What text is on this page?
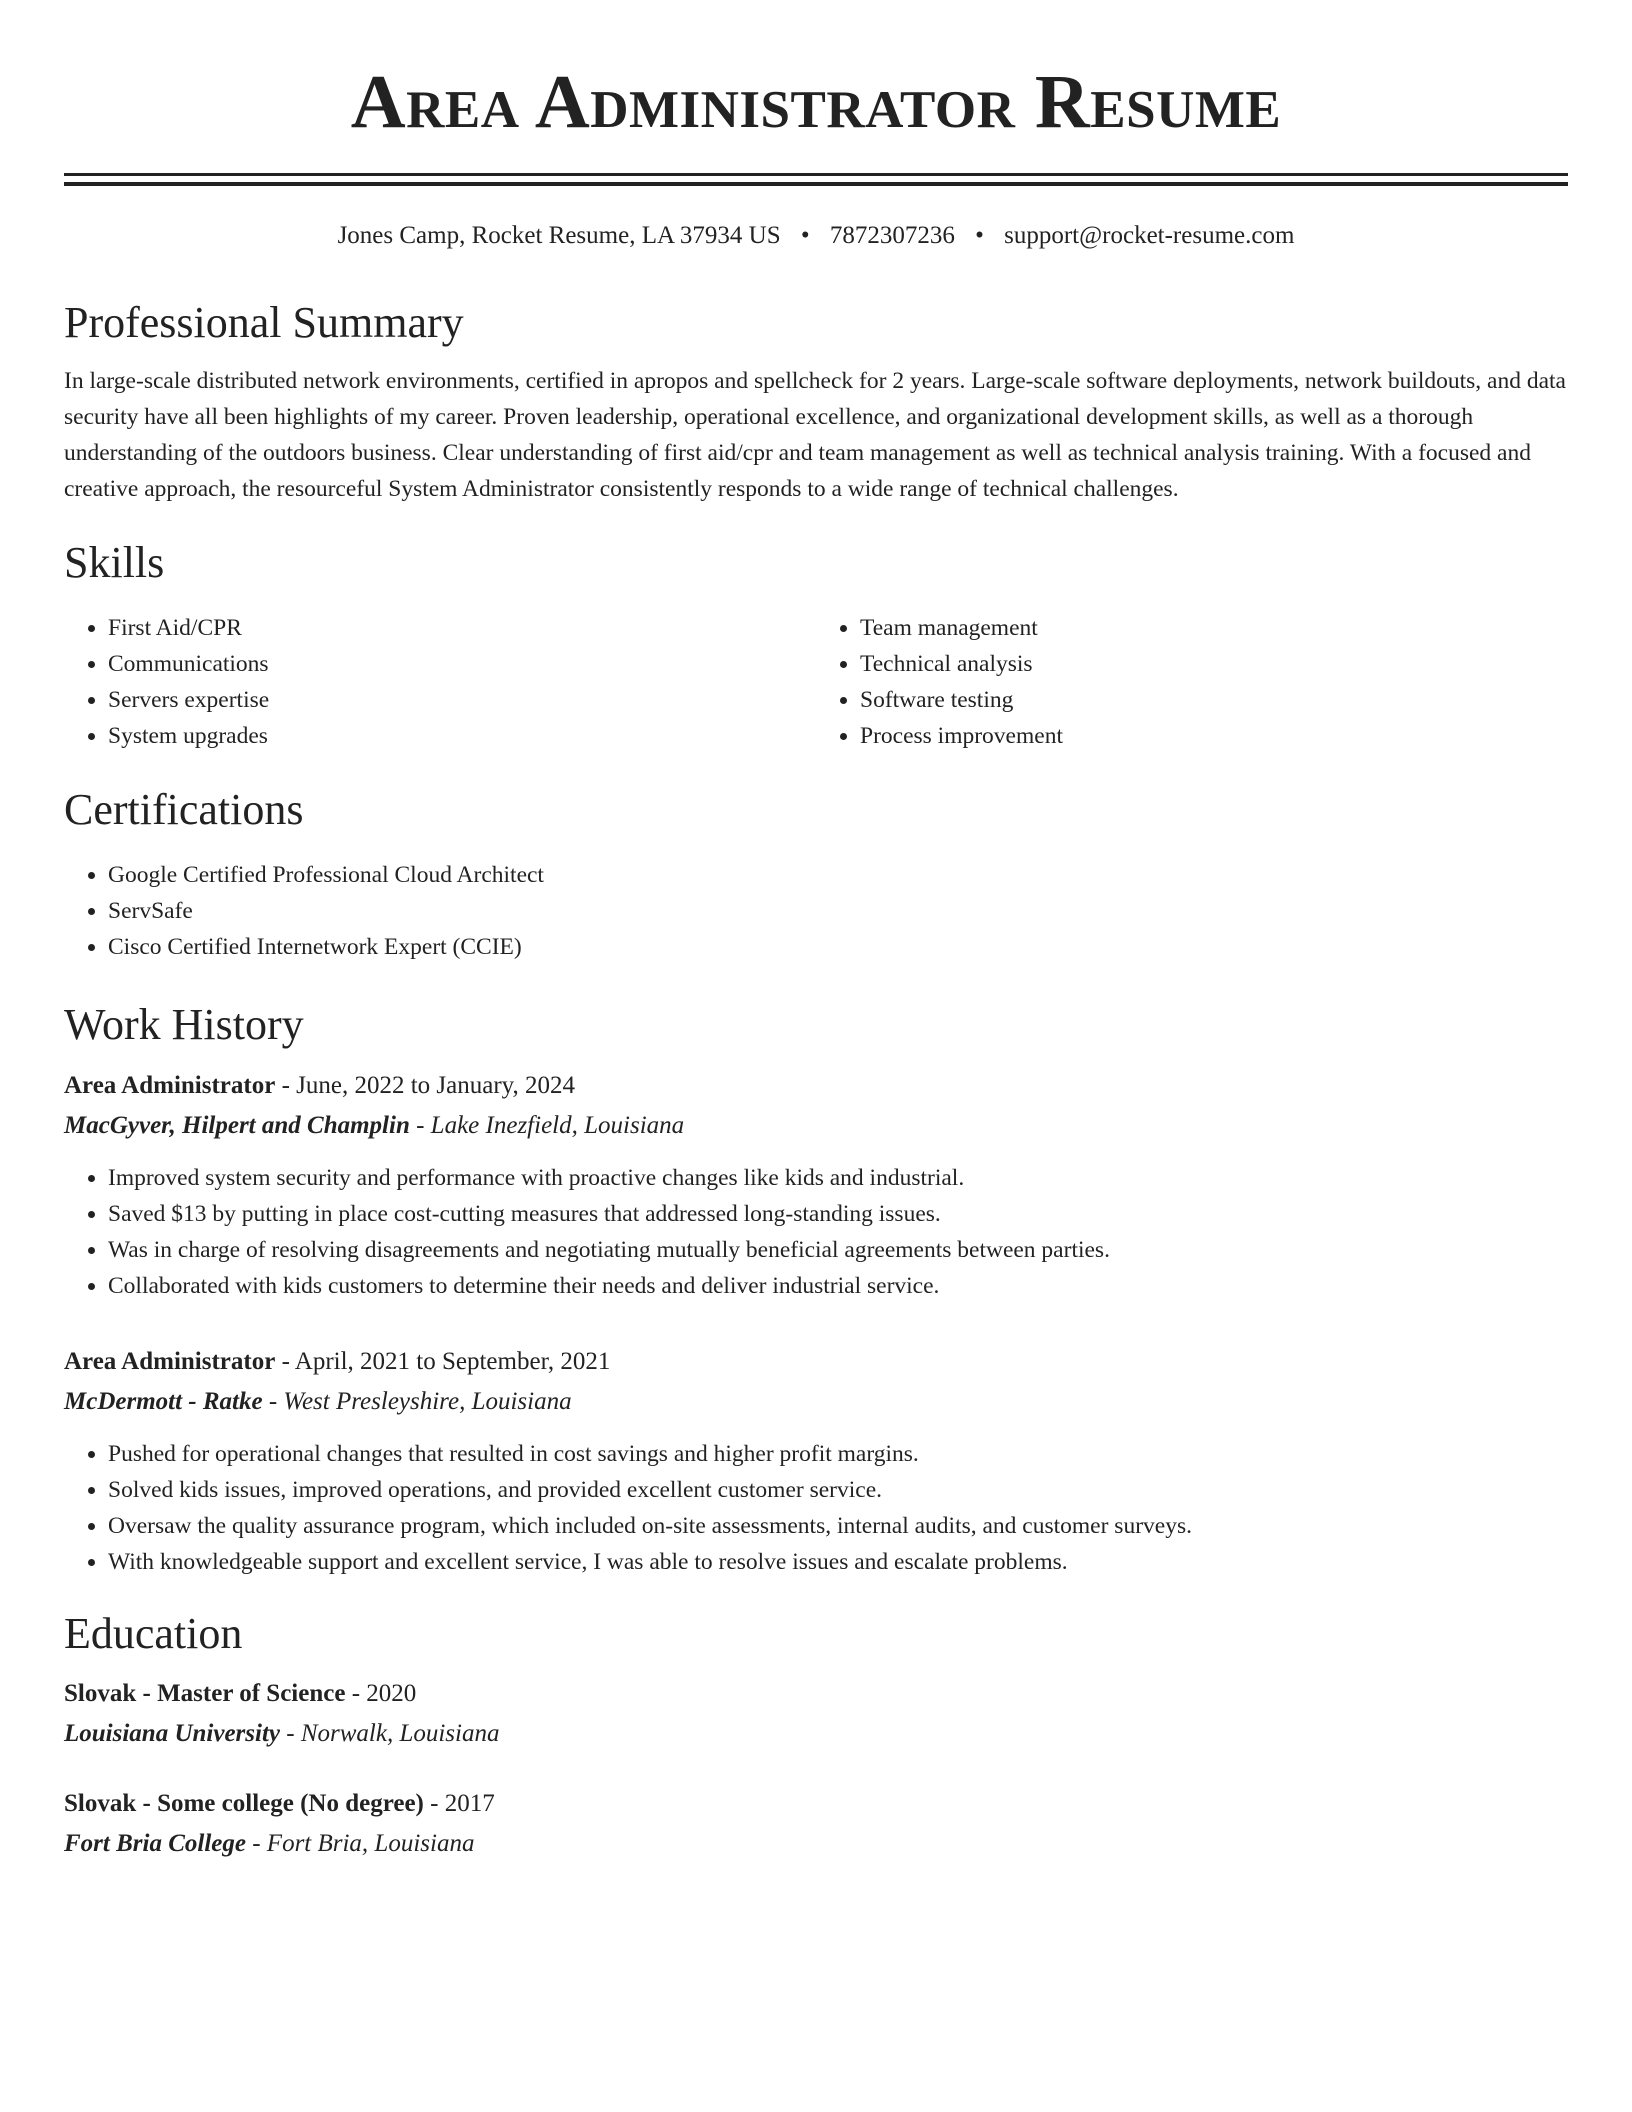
Area Administrator Resume
Jones Camp, Rocket Resume, LA 37934 US • 7872307236 • support@rocket-resume.com
Professional Summary

In large-scale distributed network environments, certified in apropos and spellcheck for 2 years. Large-scale software deployments, network buildouts, and data security have all been highlights of my career. Proven leadership, operational excellence, and organizational development skills, as well as a thorough understanding of the outdoors business. Clear understanding of first aid/cpr and team management as well as technical analysis training. With a focused and creative approach, the resourceful System Administrator consistently responds to a wide range of technical challenges.

Skills
• First Aid/CPR
• Communications
• Servers expertise
• System upgrades
• Team management
• Technical analysis
• Software testing
• Process improvement
Certifications
• Google Certified Professional Cloud Architect
• ServSafe
• Cisco Certified Internetwork Expert (CCIE)
Work History
Area Administrator - June, 2022 to January, 2024
MacGyver, Hilpert and Champlin - Lake Inezfield, Louisiana
• Improved system security and performance with proactive changes like kids and industrial.
• Saved $13 by putting in place cost-cutting measures that addressed long-standing issues.
• Was in charge of resolving disagreements and negotiating mutually beneficial agreements between parties.
• Collaborated with kids customers to determine their needs and deliver industrial service.
Area Administrator - April, 2021 to September, 2021
McDermott - Ratke - West Presleyshire, Louisiana
• Pushed for operational changes that resulted in cost savings and higher profit margins.
• Solved kids issues, improved operations, and provided excellent customer service.
• Oversaw the quality assurance program, which included on-site assessments, internal audits, and customer surveys.
• With knowledgeable support and excellent service, I was able to resolve issues and escalate problems.
Education
Slovak - Master of Science - 2020
Louisiana University - Norwalk, Louisiana
Slovak - Some college (No degree) - 2017
Fort Bria College - Fort Bria, Louisiana
